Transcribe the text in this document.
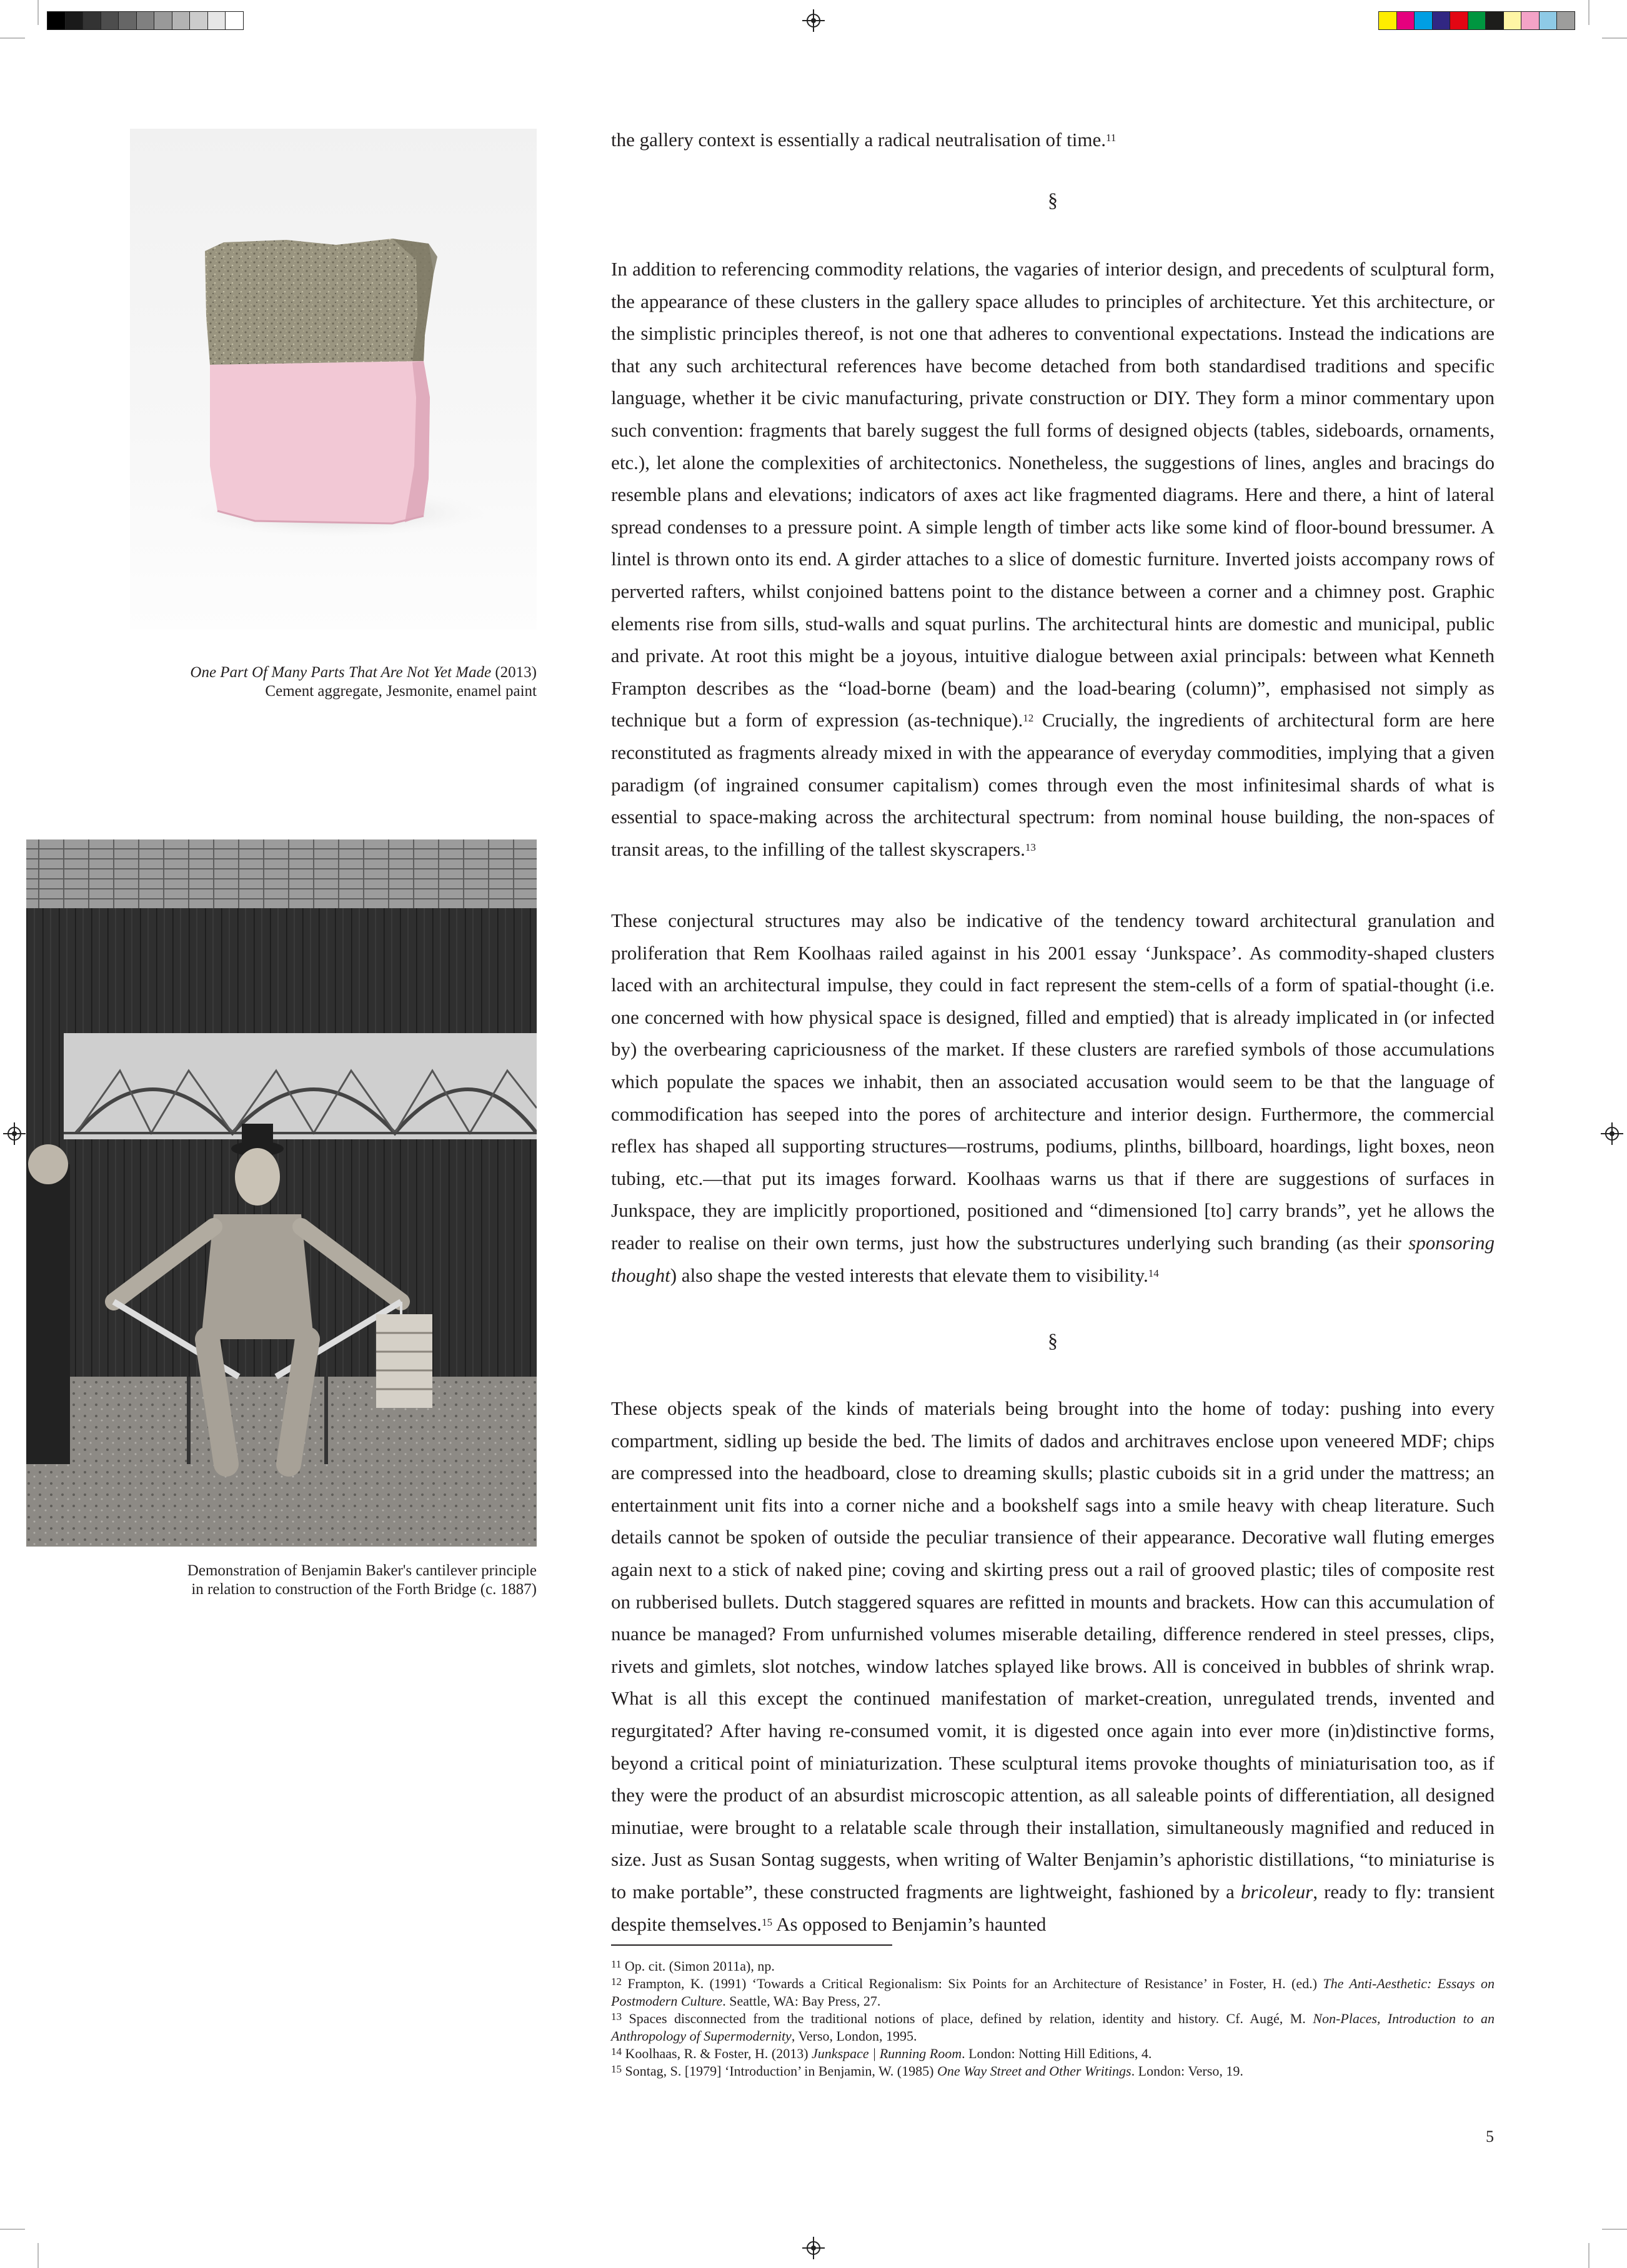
One Part Of Many Parts That Are Not Yet Made (2013)
Cement aggregate, Jesmonite, enamel paint
Demonstration of Benjamin Baker's cantilever principle
in relation to construction of the Forth Bridge (c. 1887)
the gallery context is essentially a radical neutralisation of time.$^{11}$
§

In addition to referencing commodity relations, the vagaries of interior design, and precedents of sculptural form, the appearance of these clusters in the gallery space alludes to principles of architecture. Yet this architecture, or the simplistic principles thereof, is not one that adheres to conventional expectations. Instead the indications are that any such architectural references have become detached from both standardised traditions and specific language, whether it be civic manufacturing, private construction or DIY. They form a minor commentary upon such convention: fragments that barely suggest the full forms of designed objects (tables, sideboards, ornaments, etc.), let alone the complexities of architectonics. Nonetheless, the suggestions of lines, angles and bracings do resemble plans and elevations; indicators of axes act like fragmented diagrams. Here and there, a hint of lateral spread condenses to a pressure point. A simple length of timber acts like some kind of floor-bound bressumer. A lintel is thrown onto its end. A girder attaches to a slice of domestic furniture. Inverted joists accompany rows of perverted rafters, whilst conjoined battens point to the distance between a corner and a chimney post. Graphic elements rise from sills, stud-walls and squat purlins. The architectural hints are domestic and municipal, public and private. At root this might be a joyous, intuitive dialogue between axial principals: between what Kenneth Frampton describes as the “load-borne (beam) and the load-bearing (column)”, emphasised not simply as technique but a form of expression (as-technique).$^{12}$ Crucially, the ingredients of architectural form are here reconstituted as fragments already mixed in with the appearance of everyday commodities, implying that a given paradigm (of ingrained consumer capitalism) comes through even the most infinitesimal shards of what is essential to space-making across the architectural spectrum: from nominal house building, the non-spaces of transit areas, to the infilling of the tallest skyscrapers.$^{13}$

These conjectural structures may also be indicative of the tendency toward architectural granulation and proliferation that Rem Koolhaas railed against in his 2001 essay ‘Junkspace’. As commodity-shaped clusters laced with an architectural impulse, they could in fact represent the stem-cells of a form of spatial-thought (i.e. one concerned with how physical space is designed, filled and emptied) that is already implicated in (or infected by) the overbearing capriciousness of the market. If these clusters are rarefied symbols of those accumulations which populate the spaces we inhabit, then an associated accusation would seem to be that the language of commodification has seeped into the pores of architecture and interior design. Furthermore, the commercial reflex has shaped all supporting structures—rostrums, podiums, plinths, billboard, hoardings, light boxes, neon tubing, etc.—that put its images forward. Koolhaas warns us that if there are suggestions of surfaces in Junkspace, they are implicitly proportioned, positioned and “dimensioned [to] carry brands”, yet he allows the reader to realise on their own terms, just how the substructures underlying such branding (as their sponsoring thought) also shape the vested interests that elevate them to visibility.$^{14}$

§

These objects speak of the kinds of materials being brought into the home of today: pushing into every compartment, sidling up beside the bed. The limits of dados and architraves enclose upon veneered MDF; chips are compressed into the headboard, close to dreaming skulls; plastic cuboids sit in a grid under the mattress; an entertainment unit fits into a corner niche and a bookshelf sags into a smile heavy with cheap literature. Such details cannot be spoken of outside the peculiar transience of their appearance. Decorative wall fluting emerges again next to a stick of naked pine; coving and skirting press out a rail of grooved plastic; tiles of composite rest on rubberised bullets. Dutch staggered squares are refitted in mounts and brackets. How can this accumulation of nuance be managed? From unfurnished volumes miserable detailing, difference rendered in steel presses, clips, rivets and gimlets, slot notches, window latches splayed like brows. All is conceived in bubbles of shrink wrap. What is all this except the continued manifestation of market-creation, unregulated trends, invented and regurgitated? After having re-consumed vomit, it is digested once again into ever more (in)distinctive forms, beyond a critical point of miniaturization. These sculptural items provoke thoughts of miniaturisation too, as if they were the product of an absurdist microscopic attention, as all saleable points of differentiation, all designed minutiae, were brought to a relatable scale through their installation, simultaneously magnified and reduced in size. Just as Susan Sontag suggests, when writing of Walter Benjamin’s aphoristic distillations, “to miniaturise is to make portable”, these constructed fragments are lightweight, fashioned by a bricoleur, ready to fly: transient despite themselves.$^{15}$ As opposed to Benjamin’s haunted

$^{11}$ Op. cit. (Simon 2011a), np.

$^{12}$ Frampton, K. (1991) ‘Towards a Critical Regionalism: Six Points for an Architecture of Resistance’ in Foster, H. (ed.) The Anti-Aesthetic: Essays on Postmodern Culture. Seattle, WA: Bay Press, 27.

$^{13}$ Spaces disconnected from the traditional notions of place, defined by relation, identity and history. Cf. Augé, M. Non-Places, Introduction to an Anthropology of Supermodernity, Verso, London, 1995.

$^{14}$ Koolhaas, R. & Foster, H. (2013) Junkspace | Running Room. London: Notting Hill Editions, 4.

$^{15}$ Sontag, S. [1979] ‘Introduction’ in Benjamin, W. (1985) One Way Street and Other Writings. London: Verso, 19.

5
